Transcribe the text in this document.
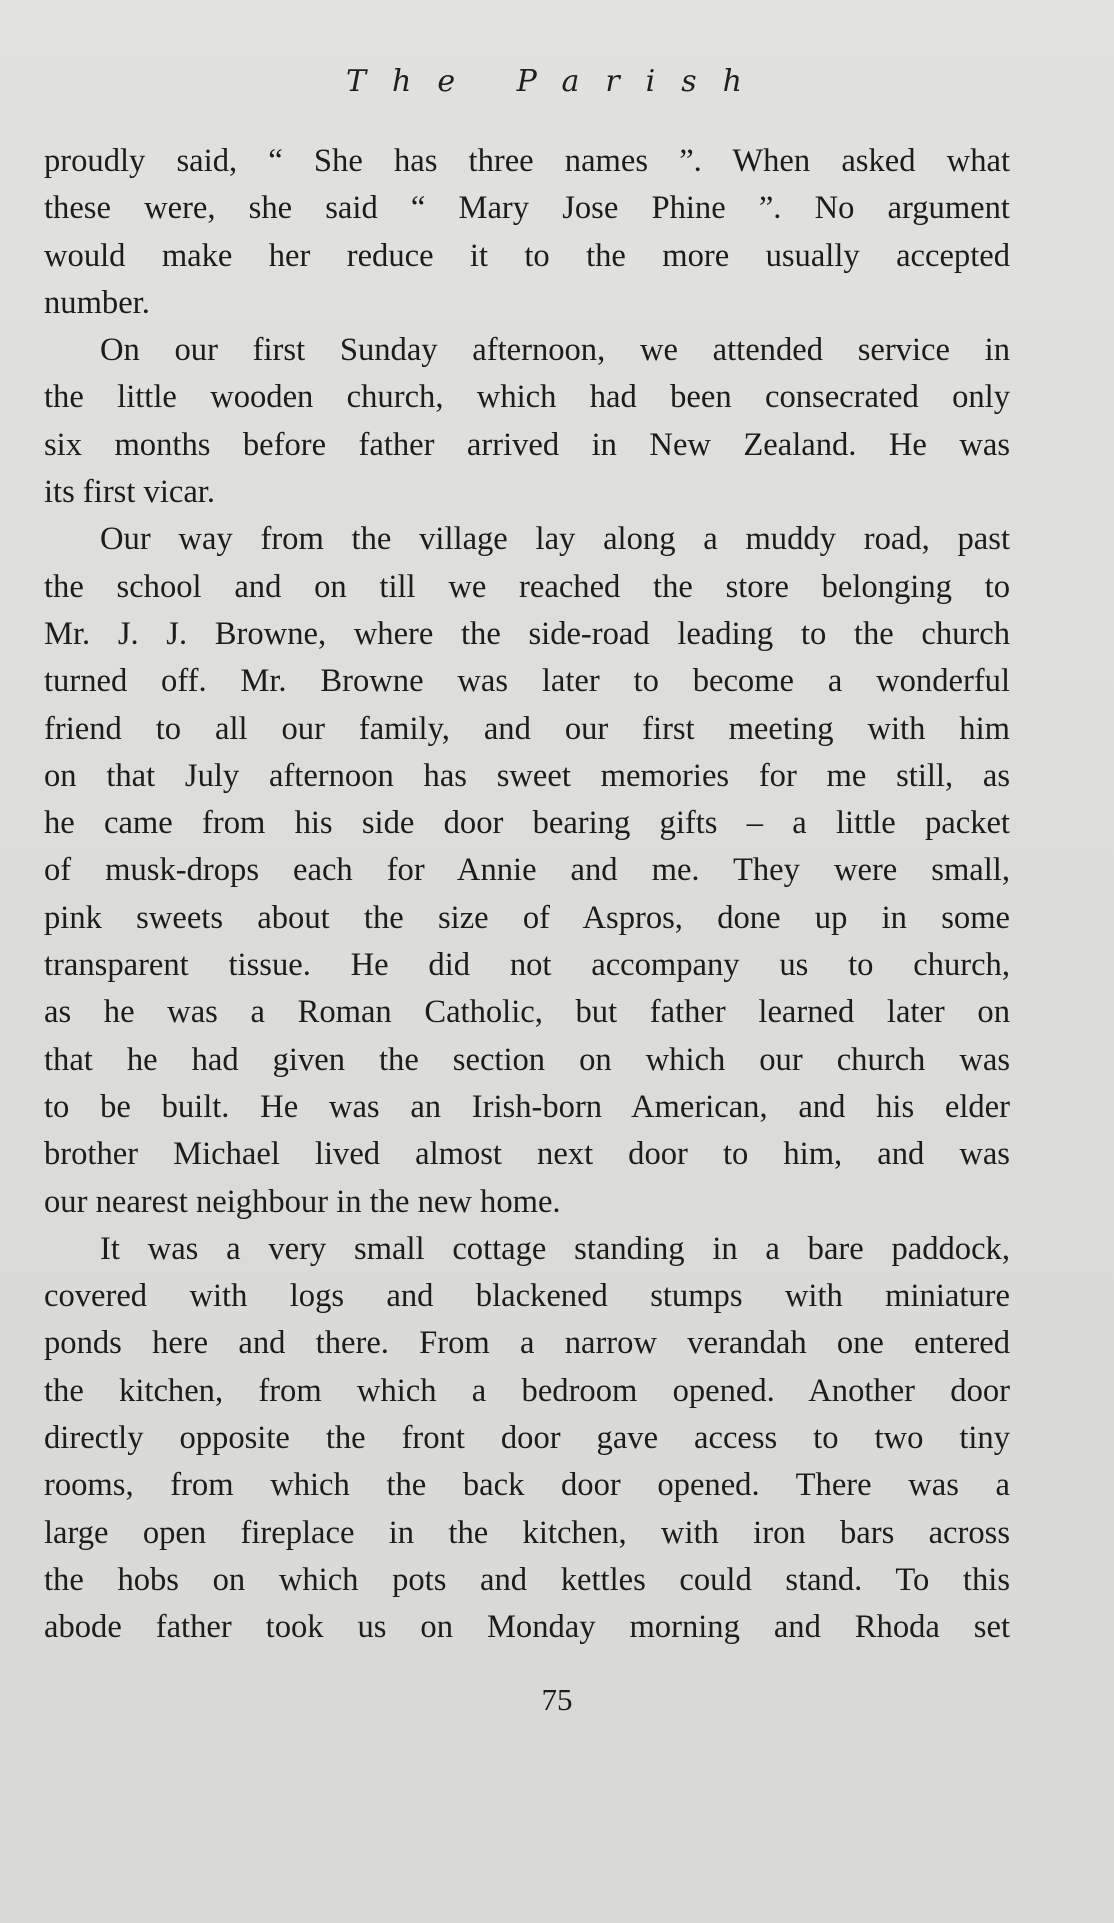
The Parish
proudly said, “ She has three names ”. When asked what
these were, she said “ Mary Jose Phine ”. No argument
would make her reduce it to the more usually accepted
number.
On our first Sunday afternoon, we attended service in
the little wooden church, which had been consecrated only
six months before father arrived in New Zealand. He was
its first vicar.
Our way from the village lay along a muddy road, past
the school and on till we reached the store belonging to
Mr. J. J. Browne, where the side-road leading to the church
turned off. Mr. Browne was later to become a wonderful
friend to all our family, and our first meeting with him
on that July afternoon has sweet memories for me still, as
he came from his side door bearing gifts – a little packet
of musk-drops each for Annie and me. They were small,
pink sweets about the size of Aspros, done up in some
transparent tissue. He did not accompany us to church,
as he was a Roman Catholic, but father learned later on
that he had given the section on which our church was
to be built. He was an Irish-born American, and his elder
brother Michael lived almost next door to him, and was
our nearest neighbour in the new home.
It was a very small cottage standing in a bare paddock,
covered with logs and blackened stumps with miniature
ponds here and there. From a narrow verandah one entered
the kitchen, from which a bedroom opened. Another door
directly opposite the front door gave access to two tiny
rooms, from which the back door opened. There was a
large open fireplace in the kitchen, with iron bars across
the hobs on which pots and kettles could stand. To this
abode father took us on Monday morning and Rhoda set
75
